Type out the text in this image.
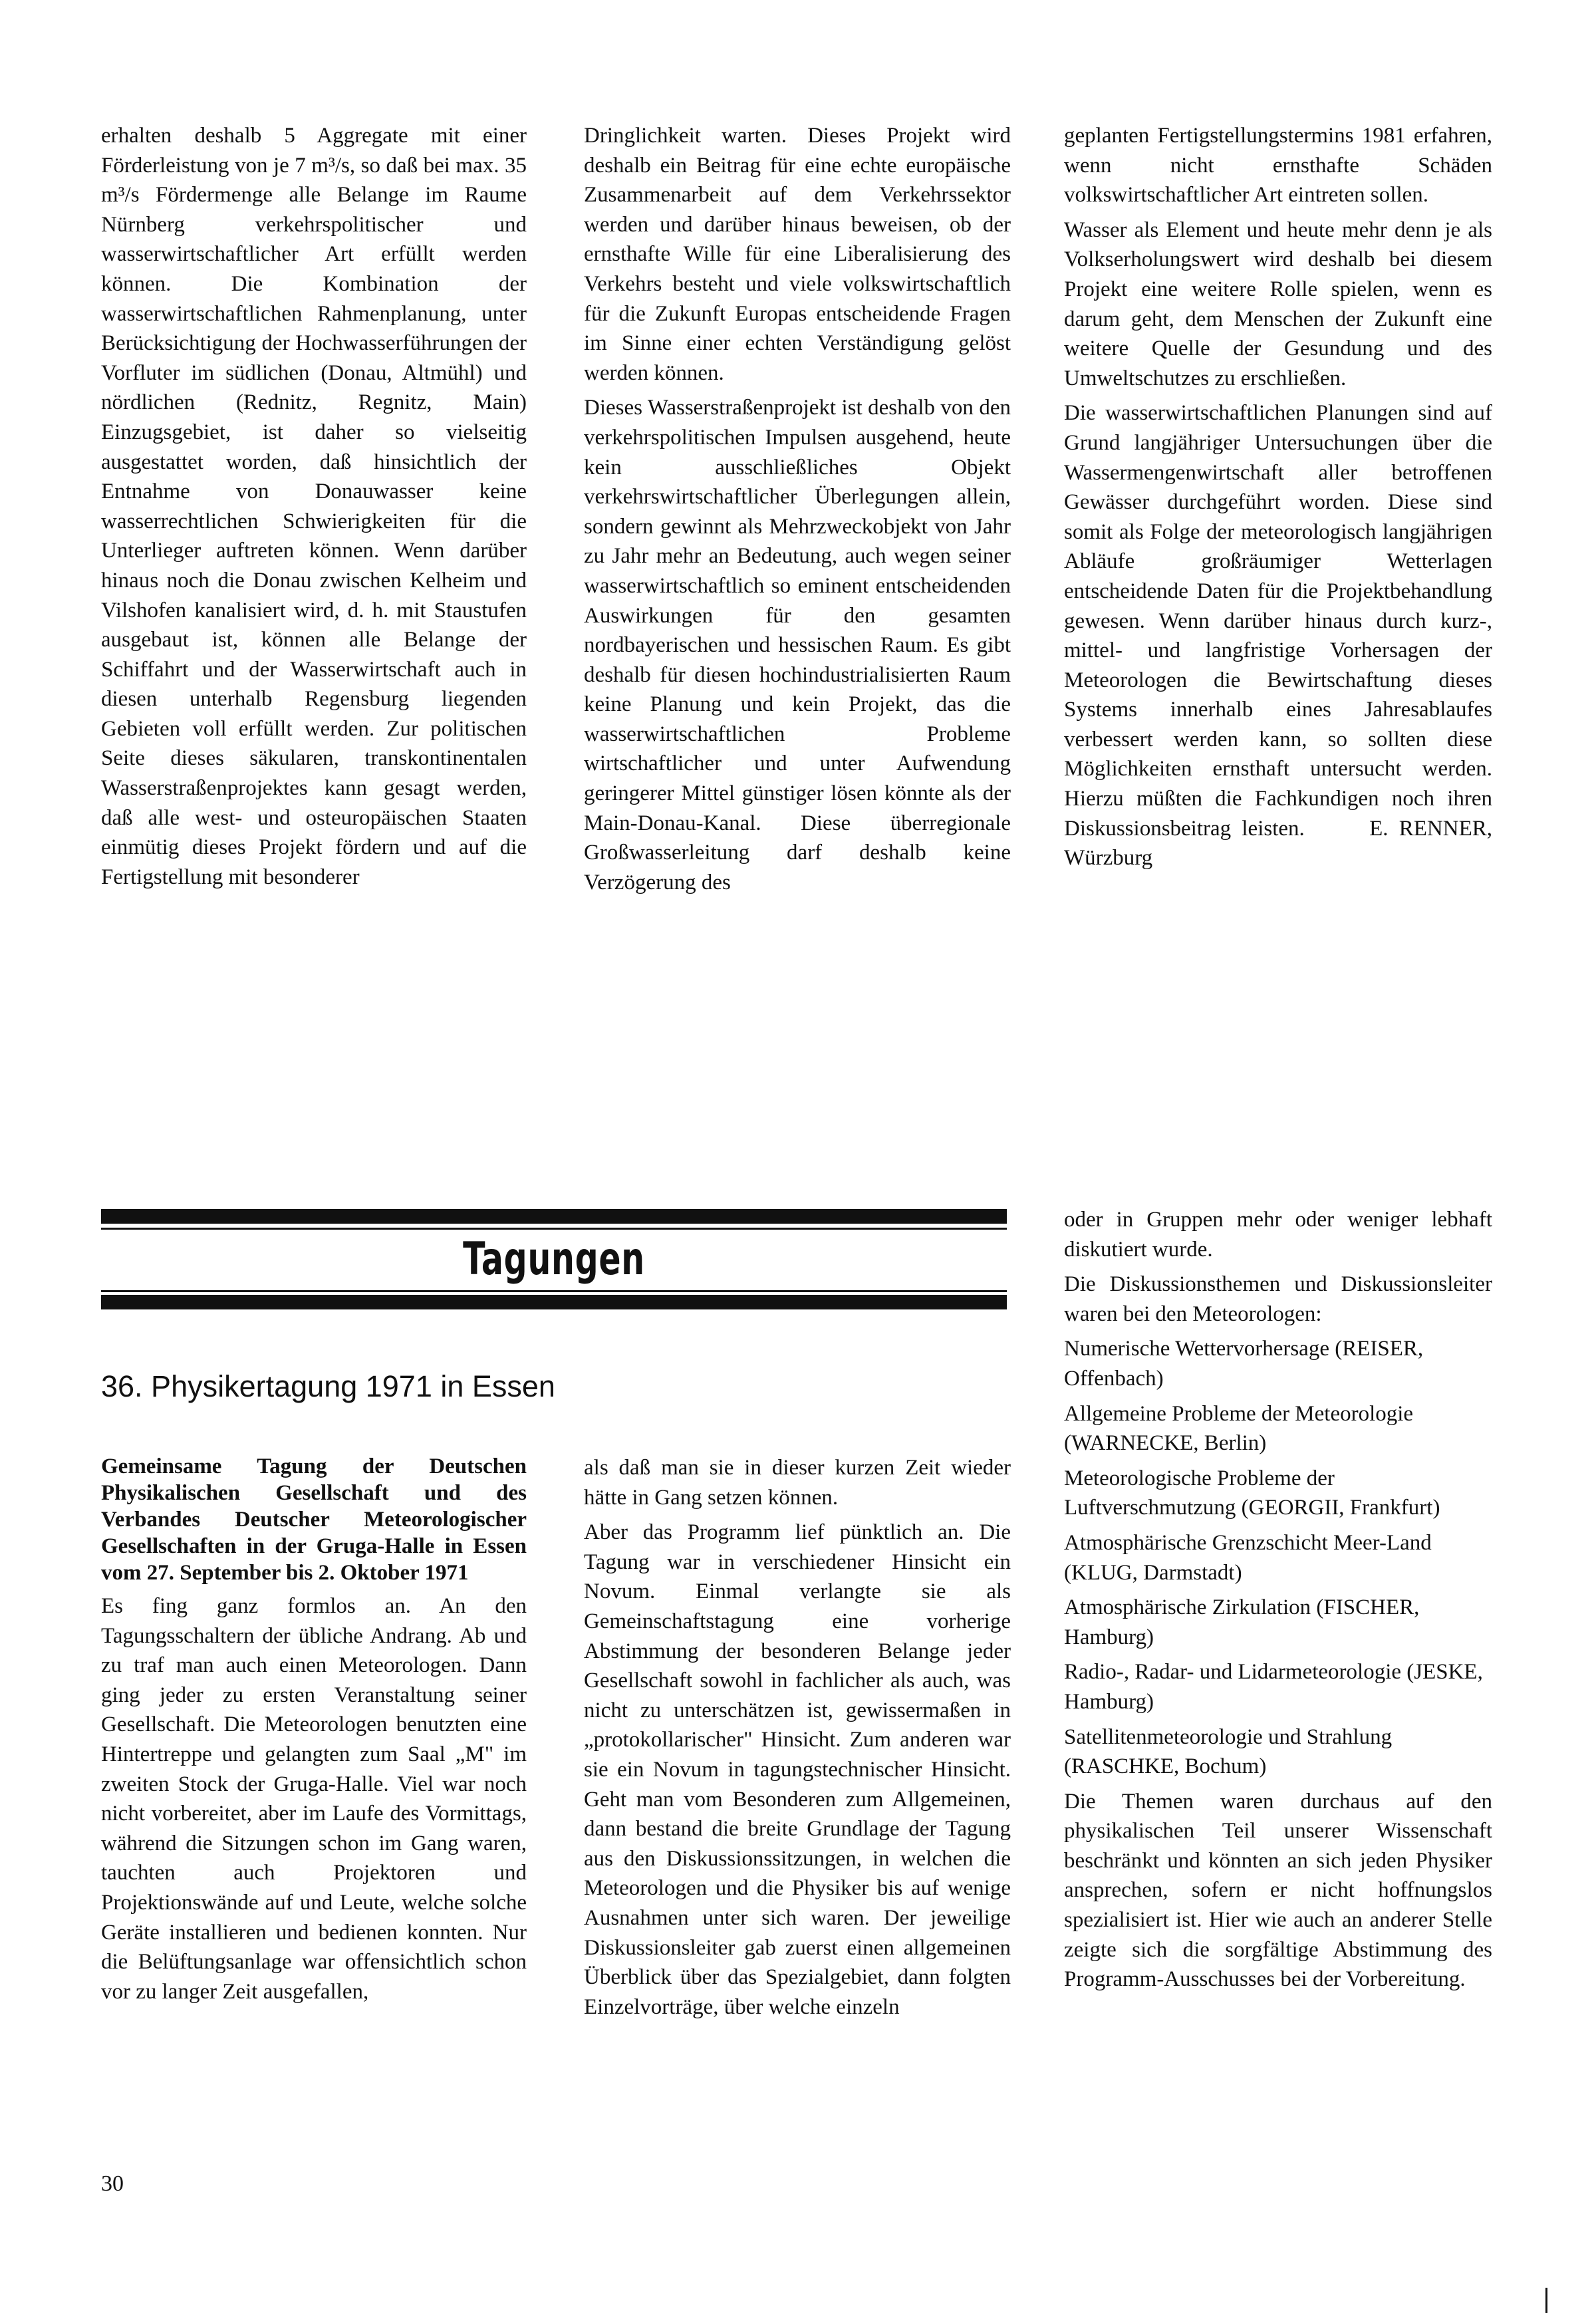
erhalten deshalb 5 Aggregate mit einer Förderleistung von je 7 m³/s, so daß bei max. 35 m³/s Fördermenge alle Belange im Raume Nürnberg verkehrspolitischer und wasserwirtschaftlicher Art erfüllt werden können. Die Kombination der wasserwirtschaftlichen Rahmenplanung, unter Berücksichtigung der Hochwasserführungen der Vorfluter im südlichen (Donau, Altmühl) und nördlichen (Rednitz, Regnitz, Main) Einzugsgebiet, ist daher so vielseitig ausgestattet worden, daß hinsichtlich der Entnahme von Donauwasser keine wasserrechtlichen Schwierigkeiten für die Unterlieger auftreten können. Wenn darüber hinaus noch die Donau zwischen Kelheim und Vilshofen kanalisiert wird, d. h. mit Staustufen ausgebaut ist, können alle Belange der Schiffahrt und der Wasserwirtschaft auch in diesen unterhalb Regensburg liegenden Gebieten voll erfüllt werden. Zur politischen Seite dieses säkularen, transkontinentalen Wasserstraßenprojektes kann gesagt werden, daß alle west- und osteuropäischen Staaten einmütig dieses Projekt fördern und auf die Fertigstellung mit besonderer

Dringlichkeit warten. Dieses Projekt wird deshalb ein Beitrag für eine echte europäische Zusammenarbeit auf dem Verkehrssektor werden und darüber hinaus beweisen, ob der ernsthafte Wille für eine Liberalisierung des Verkehrs besteht und viele volkswirtschaftlich für die Zukunft Europas entscheidende Fragen im Sinne einer echten Verständigung gelöst werden können.

Dieses Wasserstraßenprojekt ist deshalb von den verkehrspolitischen Impulsen ausgehend, heute kein ausschließliches Objekt verkehrswirtschaftlicher Überlegungen allein, sondern gewinnt als Mehrzweckobjekt von Jahr zu Jahr mehr an Bedeutung, auch wegen seiner wasserwirtschaftlich so eminent entscheidenden Auswirkungen für den gesamten nordbayerischen und hessischen Raum. Es gibt deshalb für diesen hochindustrialisierten Raum keine Planung und kein Projekt, das die wasserwirtschaftlichen Probleme wirtschaftlicher und unter Aufwendung geringerer Mittel günstiger lösen könnte als der Main-Donau-Kanal. Diese überregionale Großwasserleitung darf deshalb keine Verzögerung des

geplanten Fertigstellungstermins 1981 erfahren, wenn nicht ernsthafte Schäden volkswirtschaftlicher Art eintreten sollen.

Wasser als Element und heute mehr denn je als Volkserholungswert wird deshalb bei diesem Projekt eine weitere Rolle spielen, wenn es darum geht, dem Menschen der Zukunft eine weitere Quelle der Gesundung und des Umweltschutzes zu erschließen.

Die wasserwirtschaftlichen Planungen sind auf Grund langjähriger Untersuchungen über die Wassermengenwirtschaft aller betroffenen Gewässer durchgeführt worden. Diese sind somit als Folge der meteorologisch langjährigen Abläufe großräumiger Wetterlagen entscheidende Daten für die Projektbehandlung gewesen. Wenn darüber hinaus durch kurz-, mittel- und langfristige Vorhersagen der Meteorologen die Bewirtschaftung dieses Systems innerhalb eines Jahresablaufes verbessert werden kann, so sollten diese Möglichkeiten ernsthaft untersucht werden. Hierzu müßten die Fachkundigen noch ihren Diskussionsbeitrag leisten.	E. RENNER, Würzburg

Tagungen
36. Physikertagung 1971 in Essen

Gemeinsame Tagung der Deutschen Physikalischen Gesellschaft und des Verbandes Deutscher Meteorologischer Gesellschaften in der Gruga-Halle in Essen vom 27. September bis 2. Oktober 1971

Es fing ganz formlos an. An den Tagungsschaltern der übliche Andrang. Ab und zu traf man auch einen Meteorologen. Dann ging jeder zu ersten Veranstaltung seiner Gesellschaft. Die Meteorologen benutzten eine Hintertreppe und gelangten zum Saal „M" im zweiten Stock der Gruga-Halle. Viel war noch nicht vorbereitet, aber im Laufe des Vormittags, während die Sitzungen schon im Gang waren, tauchten auch Projektoren und Projektionswände auf und Leute, welche solche Geräte installieren und bedienen konnten. Nur die Belüftungsanlage war offensichtlich schon vor zu langer Zeit ausgefallen,

als daß man sie in dieser kurzen Zeit wieder hätte in Gang setzen können.

Aber das Programm lief pünktlich an. Die Tagung war in verschiedener Hinsicht ein Novum. Einmal verlangte sie als Gemeinschaftstagung eine vorherige Abstimmung der besonderen Belange jeder Gesellschaft sowohl in fachlicher als auch, was nicht zu unterschätzen ist, gewissermaßen in „protokollarischer" Hinsicht. Zum anderen war sie ein Novum in tagungstechnischer Hinsicht. Geht man vom Besonderen zum Allgemeinen, dann bestand die breite Grundlage der Tagung aus den Diskussionssitzungen, in welchen die Meteorologen und die Physiker bis auf wenige Ausnahmen unter sich waren. Der jeweilige Diskussionsleiter gab zuerst einen allgemeinen Überblick über das Spezialgebiet, dann folgten Einzelvorträge, über welche einzeln

oder in Gruppen mehr oder weniger lebhaft diskutiert wurde.

Die Diskussionsthemen und Diskussionsleiter waren bei den Meteorologen:

Numerische Wettervorhersage (REISER, Offenbach)

Allgemeine Probleme der Meteorologie (WARNECKE, Berlin)

Meteorologische Probleme der Luftverschmutzung (GEORGII, Frankfurt)

Atmosphärische Grenzschicht Meer-Land (KLUG, Darmstadt)

Atmosphärische Zirkulation (FISCHER, Hamburg)

Radio-, Radar- und Lidarmeteorologie (JESKE, Hamburg)

Satellitenmeteorologie und Strahlung (RASCHKE, Bochum)

Die Themen waren durchaus auf den physikalischen Teil unserer Wissenschaft beschränkt und könnten an sich jeden Physiker ansprechen, sofern er nicht hoffnungslos spezialisiert ist. Hier wie auch an anderer Stelle zeigte sich die sorgfältige Abstimmung des Programm-Ausschusses bei der Vorbereitung.

30
